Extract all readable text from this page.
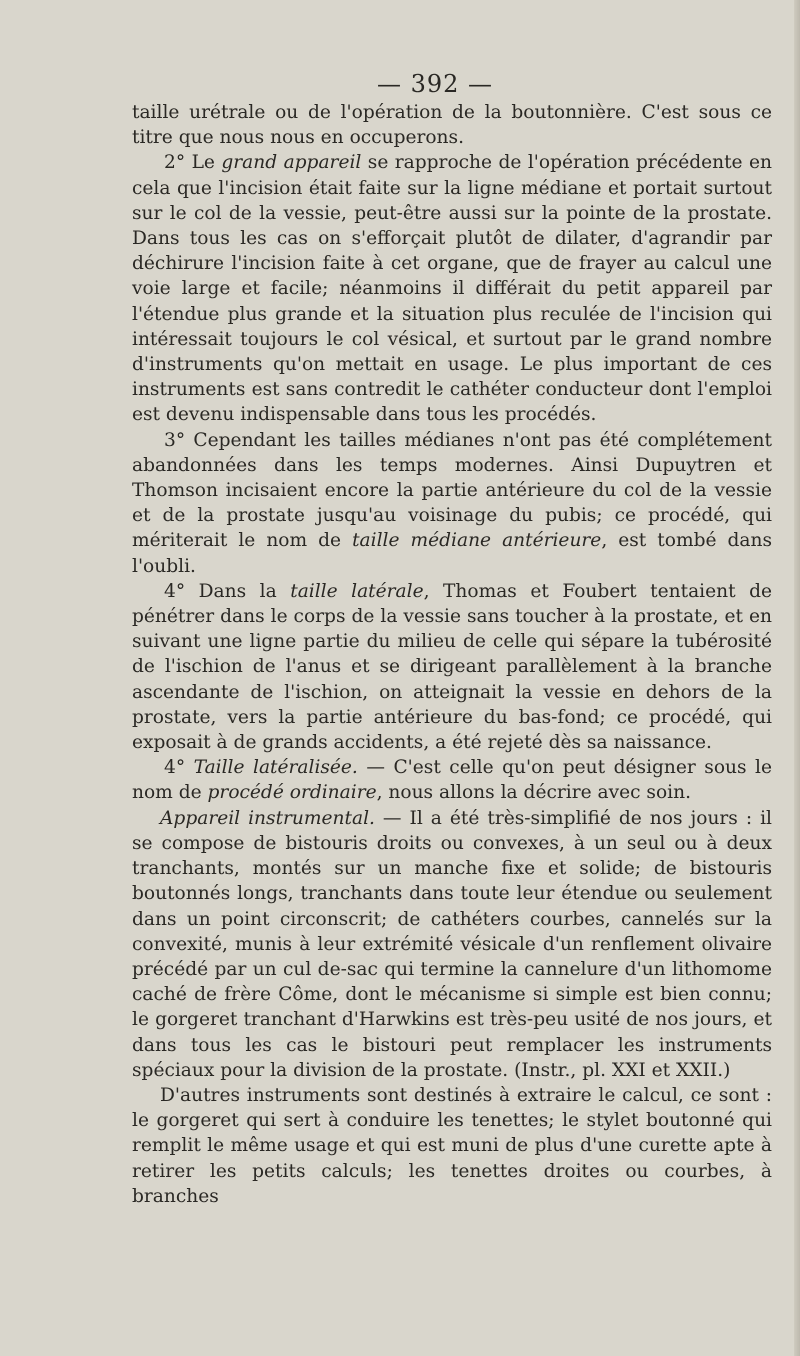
— 392 —

taille urétrale ou de l'opération de la boutonnière. C'est sous ce titre que nous nous en occuperons.

2° Le grand appareil se rapproche de l'opération précédente en cela que l'incision était faite sur la ligne médiane et portait surtout sur le col de la vessie, peut-être aussi sur la pointe de la prostate. Dans tous les cas on s'efforçait plutôt de dilater, d'agrandir par déchirure l'incision faite à cet organe, que de frayer au calcul une voie large et facile; néanmoins il différait du petit appareil par l'étendue plus grande et la situation plus reculée de l'incision qui intéressait toujours le col vésical, et surtout par le grand nombre d'instruments qu'on mettait en usage. Le plus important de ces instruments est sans contredit le cathéter conducteur dont l'emploi est devenu indispensable dans tous les procédés.

3° Cependant les tailles médianes n'ont pas été complétement abandonnées dans les temps modernes. Ainsi Dupuytren et Thomson incisaient encore la partie antérieure du col de la vessie et de la prostate jusqu'au voisinage du pubis; ce procédé, qui mériterait le nom de taille médiane antérieure, est tombé dans l'oubli.

4° Dans la taille latérale, Thomas et Foubert tentaient de pénétrer dans le corps de la vessie sans toucher à la prostate, et en suivant une ligne partie du milieu de celle qui sépare la tubérosité de l'ischion de l'anus et se dirigeant parallèlement à la branche ascendante de l'ischion, on atteignait la vessie en dehors de la prostate, vers la partie antérieure du bas-fond; ce procédé, qui exposait à de grands accidents, a été rejeté dès sa naissance.

4° Taille latéralisée. — C'est celle qu'on peut désigner sous le nom de procédé ordinaire, nous allons la décrire avec soin.

Appareil instrumental. — Il a été très-simplifié de nos jours : il se compose de bistouris droits ou convexes, à un seul ou à deux tranchants, montés sur un manche fixe et solide; de bistouris boutonnés longs, tranchants dans toute leur étendue ou seulement dans un point circonscrit; de cathéters courbes, cannelés sur la convexité, munis à leur extrémité vésicale d'un renflement olivaire précédé par un cul de-sac qui termine la cannelure d'un lithomome caché de frère Côme, dont le mécanisme si simple est bien connu; le gorgeret tranchant d'Harwkins est très-peu usité de nos jours, et dans tous les cas le bistouri peut remplacer les instruments spéciaux pour la division de la prostate. (Instr., pl. XXI et XXII.)

D'autres instruments sont destinés à extraire le calcul, ce sont : le gorgeret qui sert à conduire les tenettes; le stylet boutonné qui remplit le même usage et qui est muni de plus d'une curette apte à retirer les petits calculs; les tenettes droites ou courbes, à branches
